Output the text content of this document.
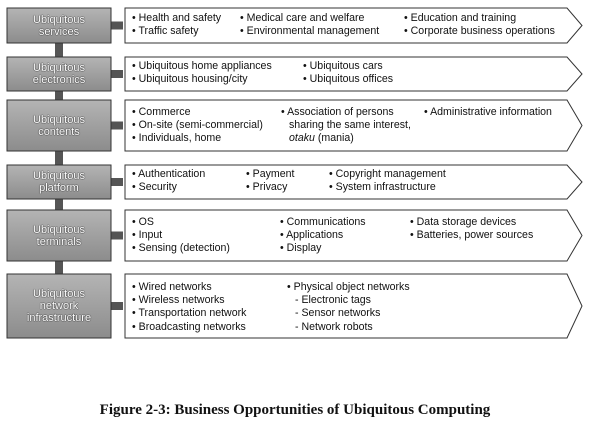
Figure 2-3: Business Opportunities of Ubiquitous Computing
Ubiquitous
services
• Health and safety
• Traffic safety
• Medical care and welfare
• Environmental management
• Education and training
• Corporate business operations
Ubiquitous
electronics
• Ubiquitous home appliances
• Ubiquitous housing/city
• Ubiquitous cars
• Ubiquitous offices
Ubiquitous
contents
• Commerce
• On-site (semi-commercial)
• Individuals, home
• Association of persons
sharing the same interest,
otaku (mania)
• Administrative information
Ubiquitous
platform
• Authentication
• Security
• Payment
• Privacy
• Copyright management
• System infrastructure
Ubiquitous
terminals
• OS
• Input
• Sensing (detection)
• Communications
• Applications
• Display
• Data storage devices
• Batteries, power sources
Ubiquitous
network
infrastructure
• Wired networks
• Wireless networks
• Transportation network
• Broadcasting networks
• Physical object networks
- Electronic tags
- Sensor networks
- Network robots
